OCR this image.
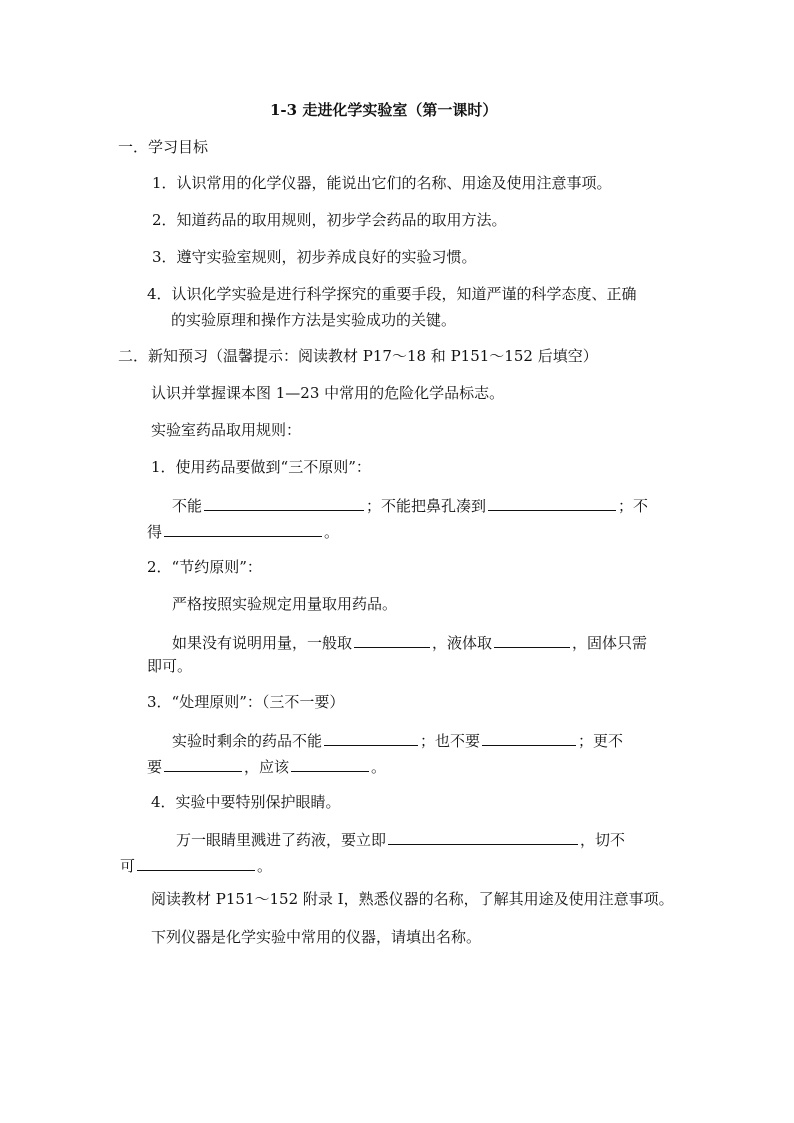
1-3 走进化学实验室（第一课时）
一．学习目标
1．认识常用的化学仪器，能说出它们的名称、用途及使用注意事项。
2．知道药品的取用规则，初步学会药品的取用方法。
3．遵守实验室规则，初步养成良好的实验习惯。
4．认识化学实验是进行科学探究的重要手段，知道严谨的科学态度、正确
的实验原理和操作方法是实验成功的关键。
二．新知预习（温馨提示：阅读教材 P17～18 和 P151～152 后填空）
认识并掌握课本图 1—23 中常用的危险化学品标志。
实验室药品取用规则：
1．使用药品要做到“三不原则”：
不能	；不能把鼻孔凑到	；不
得	。
2．“节约原则”：
严格按照实验规定用量取用药品。
如果没有说明用量，一般取	，液体取	，固体只需
即可。
3．“处理原则”：（三不一要）
实验时剩余的药品不能	；也不要	；更不
要	，应该	。
4．实验中要特别保护眼睛。
万一眼睛里溅进了药液，要立即	，切不
可	。
阅读教材 P151～152 附录 I，熟悉仪器的名称，了解其用途及使用注意事项。
下列仪器是化学实验中常用的仪器，请填出名称。
